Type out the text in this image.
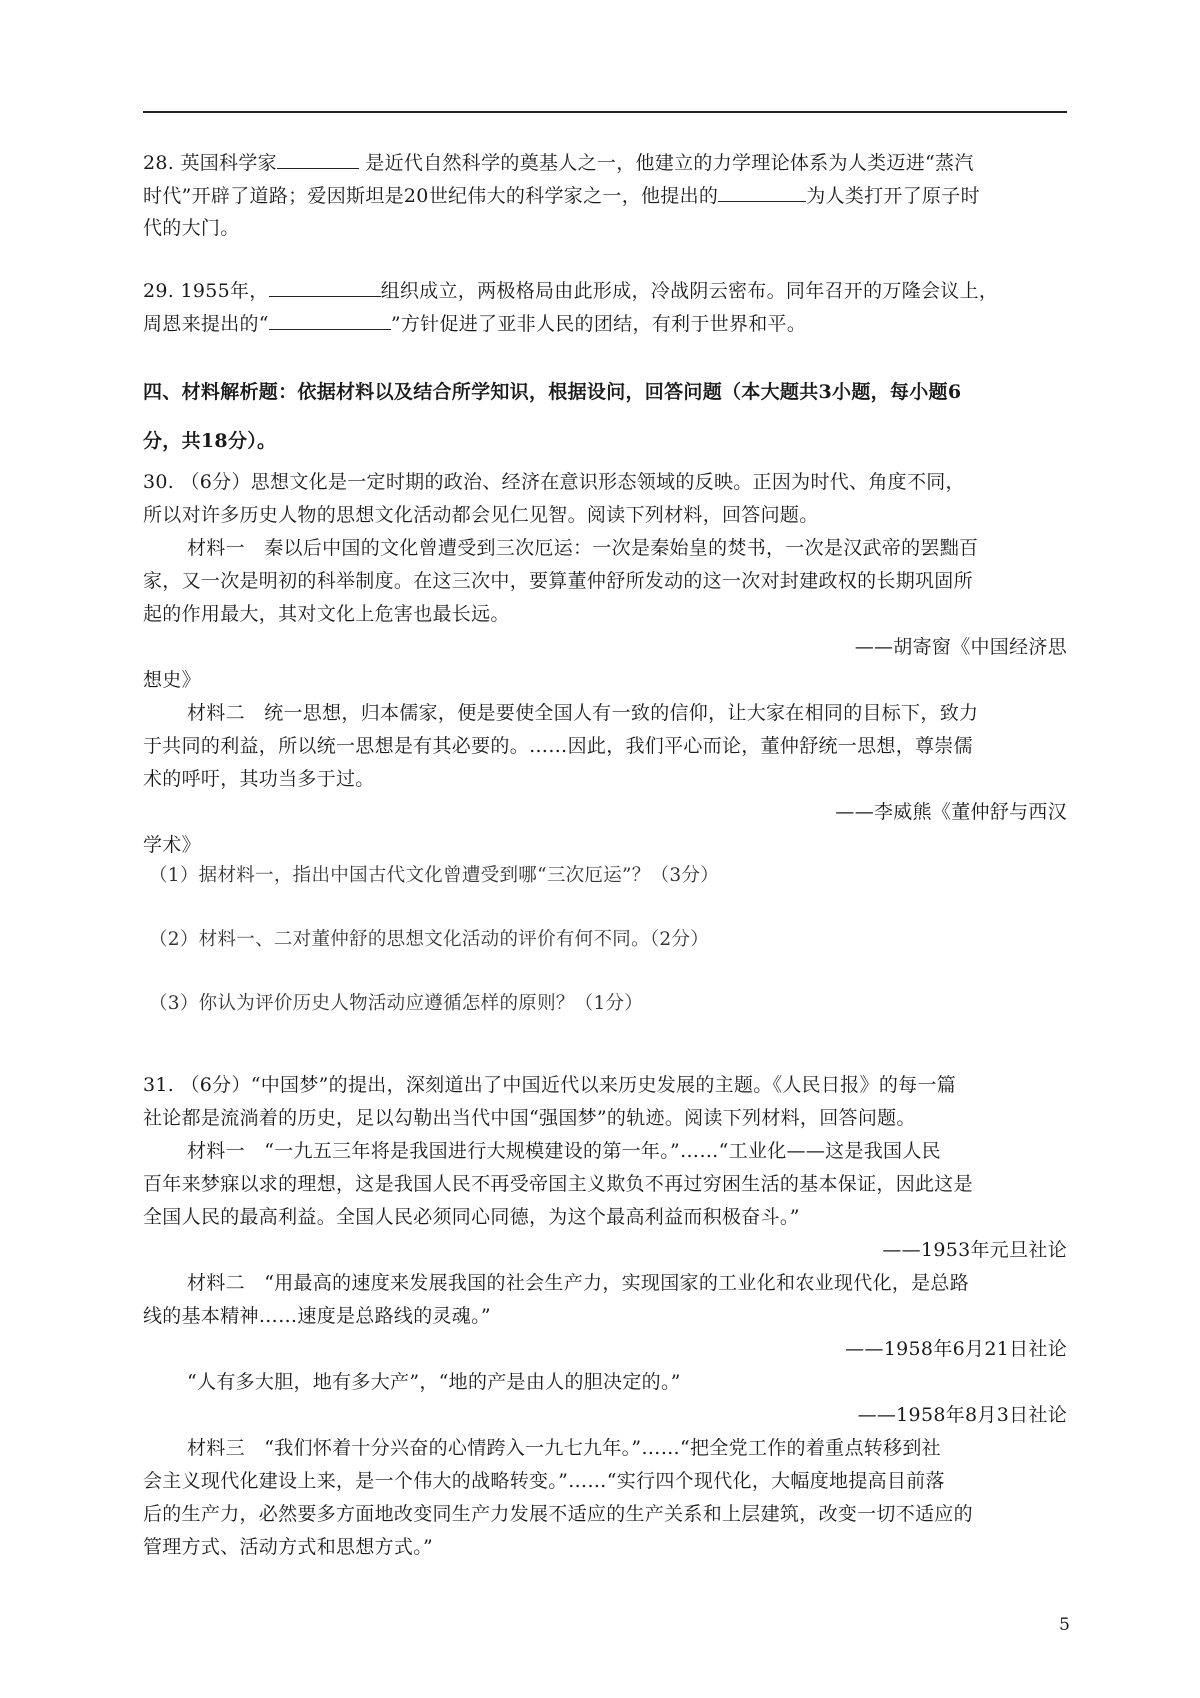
28. 英国科学家	是近代自然科学的奠基人之一，他建立的力学理论体系为人类迈进“蒸汽
时代”开辟了道路；爱因斯坦是20世纪伟大的科学家之一，他提出的	为人类打开了原子时
代的大门。
29. 1955年，	组织成立，两极格局由此形成，冷战阴云密布。同年召开的万隆会议上，
周恩来提出的“	”方针促进了亚非人民的团结，有利于世界和平。
四、材料解析题：依据材料以及结合所学知识，根据设问，回答问题（本大题共3小题，每小题6
分，共18分）。
30. （6分）思想文化是一定时期的政治、经济在意识形态领域的反映。正因为时代、角度不同，
所以对许多历史人物的思想文化活动都会见仁见智。阅读下列材料，回答问题。
材料一　秦以后中国的文化曾遭受到三次厄运：一次是秦始皇的焚书，一次是汉武帝的罢黜百
家，又一次是明初的科举制度。在这三次中，要算董仲舒所发动的这一次对封建政权的长期巩固所
起的作用最大，其对文化上危害也最长远。
——胡寄窗《中国经济思
想史》
材料二　统一思想，归本儒家，便是要使全国人有一致的信仰，让大家在相同的目标下，致力
于共同的利益，所以统一思想是有其必要的。……因此，我们平心而论，董仲舒统一思想，尊崇儒
术的呼吁，其功当多于过。
——李威熊《董仲舒与西汉
学术》
（1）据材料一，指出中国古代文化曾遭受到哪“三次厄运”？（3分）
（2）材料一、二对董仲舒的思想文化活动的评价有何不同。（2分）
（3）你认为评价历史人物活动应遵循怎样的原则？（1分）
31. （6分）“中国梦”的提出，深刻道出了中国近代以来历史发展的主题。《人民日报》的每一篇
社论都是流淌着的历史，足以勾勒出当代中国“强国梦”的轨迹。阅读下列材料，回答问题。
材料一　“一九五三年将是我国进行大规模建设的第一年。”……“工业化——这是我国人民
百年来梦寐以求的理想，这是我国人民不再受帝国主义欺负不再过穷困生活的基本保证，因此这是
全国人民的最高利益。全国人民必须同心同德，为这个最高利益而积极奋斗。”
——1953年元旦社论
材料二　“用最高的速度来发展我国的社会生产力，实现国家的工业化和农业现代化，是总路
线的基本精神……速度是总路线的灵魂。”
——1958年6月21日社论
“人有多大胆，地有多大产”，“地的产是由人的胆决定的。”
——1958年8月3日社论
材料三　“我们怀着十分兴奋的心情跨入一九七九年。”……“把全党工作的着重点转移到社
会主义现代化建设上来，是一个伟大的战略转变。”……“实行四个现代化，大幅度地提高目前落
后的生产力，必然要多方面地改变同生产力发展不适应的生产关系和上层建筑，改变一切不适应的
管理方式、活动方式和思想方式。”
5
